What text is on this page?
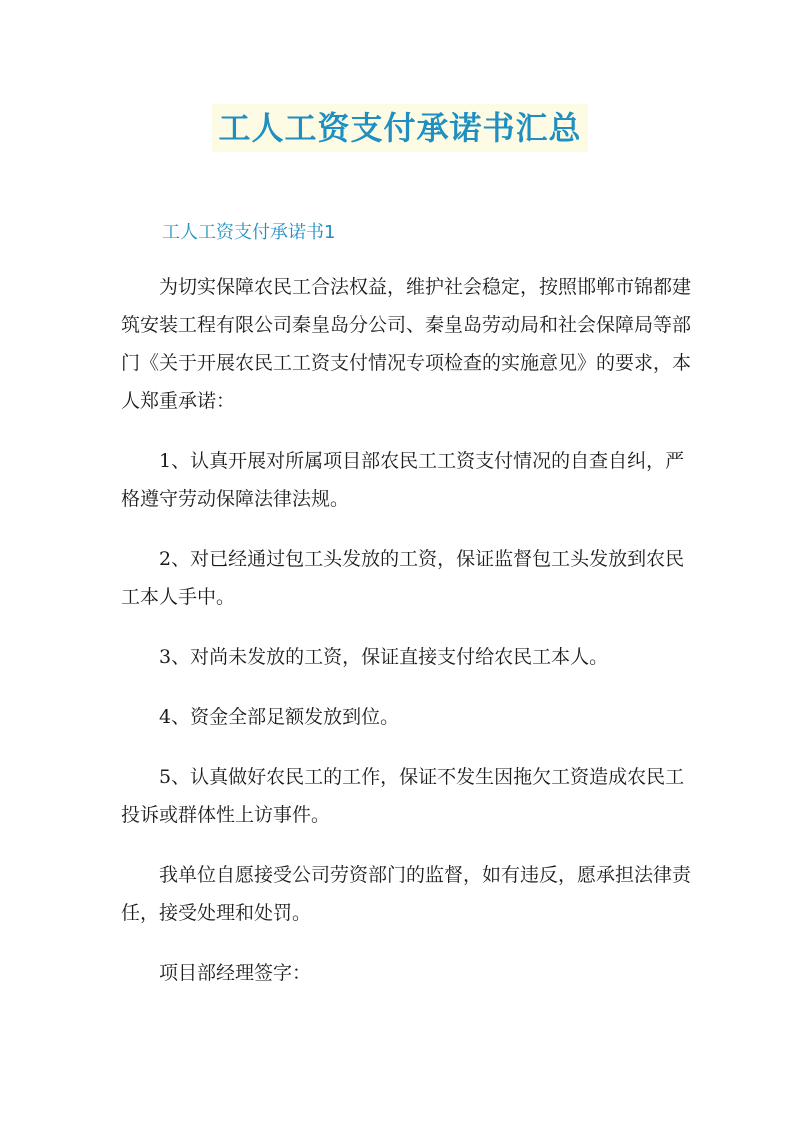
工人工资支付承诺书汇总
工人工资支付承诺书1

为切实保障农民工合法权益，维护社会稳定，按照邯郸市锦都建筑安装工程有限公司秦皇岛分公司、秦皇岛劳动局和社会保障局等部门《关于开展农民工工资支付情况专项检查的实施意见》的要求，本人郑重承诺：

1、认真开展对所属项目部农民工工资支付情况的自查自纠，严格遵守劳动保障法律法规。

2、对已经通过包工头发放的工资，保证监督包工头发放到农民工本人手中。

3、对尚未发放的工资，保证直接支付给农民工本人。

4、资金全部足额发放到位。

5、认真做好农民工的工作，保证不发生因拖欠工资造成农民工投诉或群体性上访事件。

我单位自愿接受公司劳资部门的监督，如有违反，愿承担法律责任，接受处理和处罚。

项目部经理签字：
